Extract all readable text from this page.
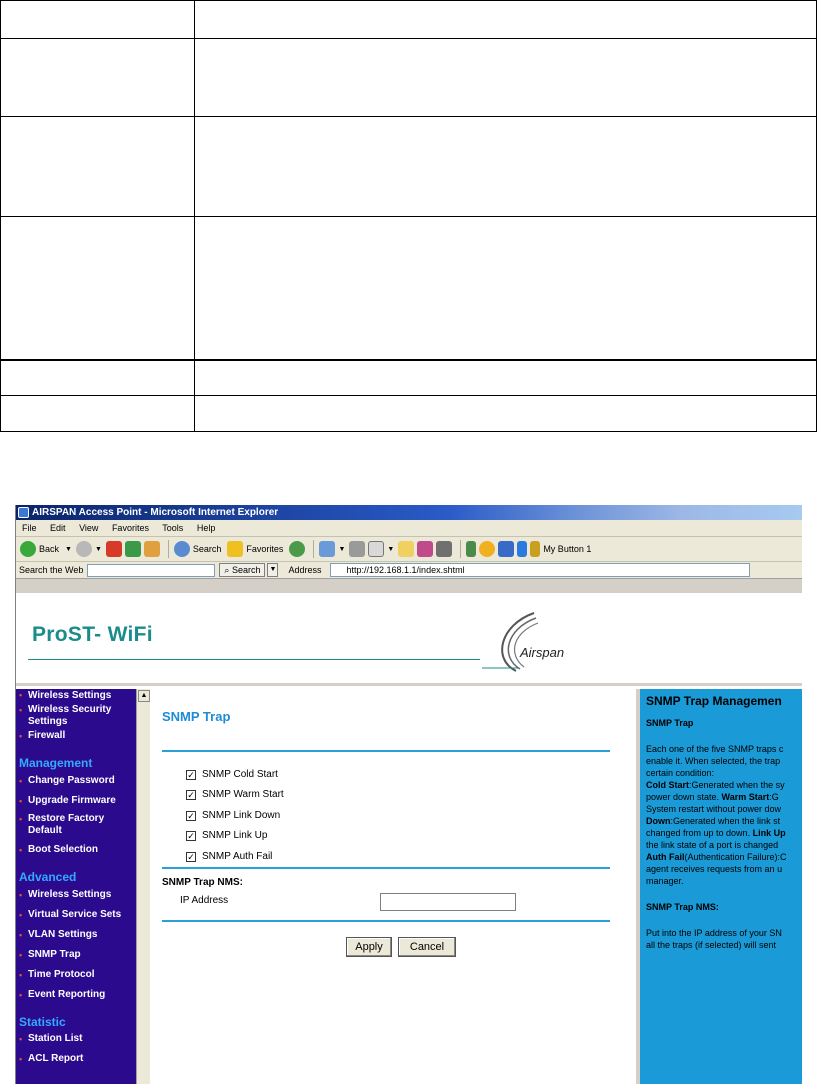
AIRSPAN Access Point - Microsoft Internet Explorer
File Edit View Favorites Tools Help
Back ▼	▼	Search	Favorites	▼	▼	My Button 1
Search the Web	⌕ Search	▼ Address	http://192.168.1.1/index.shtml
ProST- WiFi
Airspan
• Wireless Settings
• Wireless Security Settings
• Firewall
Management
• Change Password
• Upgrade Firmware
• Restore Factory Default
• Boot Selection
Advanced
• Wireless Settings
• Virtual Service Sets
• VLAN Settings
• SNMP Trap
• Time Protocol
• Event Reporting
Statistic
• Station List
• ACL Report
▲
SNMP Trap
✓ SNMP Cold Start
✓ SNMP Warm Start
✓ SNMP Link Down
✓ SNMP Link Up
✓ SNMP Auth Fail
SNMP Trap NMS:
IP Address
Apply	Cancel
SNMP Trap Managemen
SNMP Trap
Each one of the five SNMP traps c
enable it. When selected, the trap
certain condition:
Cold Start:Generated when the sy
power down state. Warm Start:G
System restart without power dow
Down:Generated when the link st
changed from up to down. Link Up
the link state of a port is changed
Auth Fail(Authentication Failure):C
agent receives requests from an u
manager.
SNMP Trap NMS:
Put into the IP address of your SN
all the traps (if selected) will sent
